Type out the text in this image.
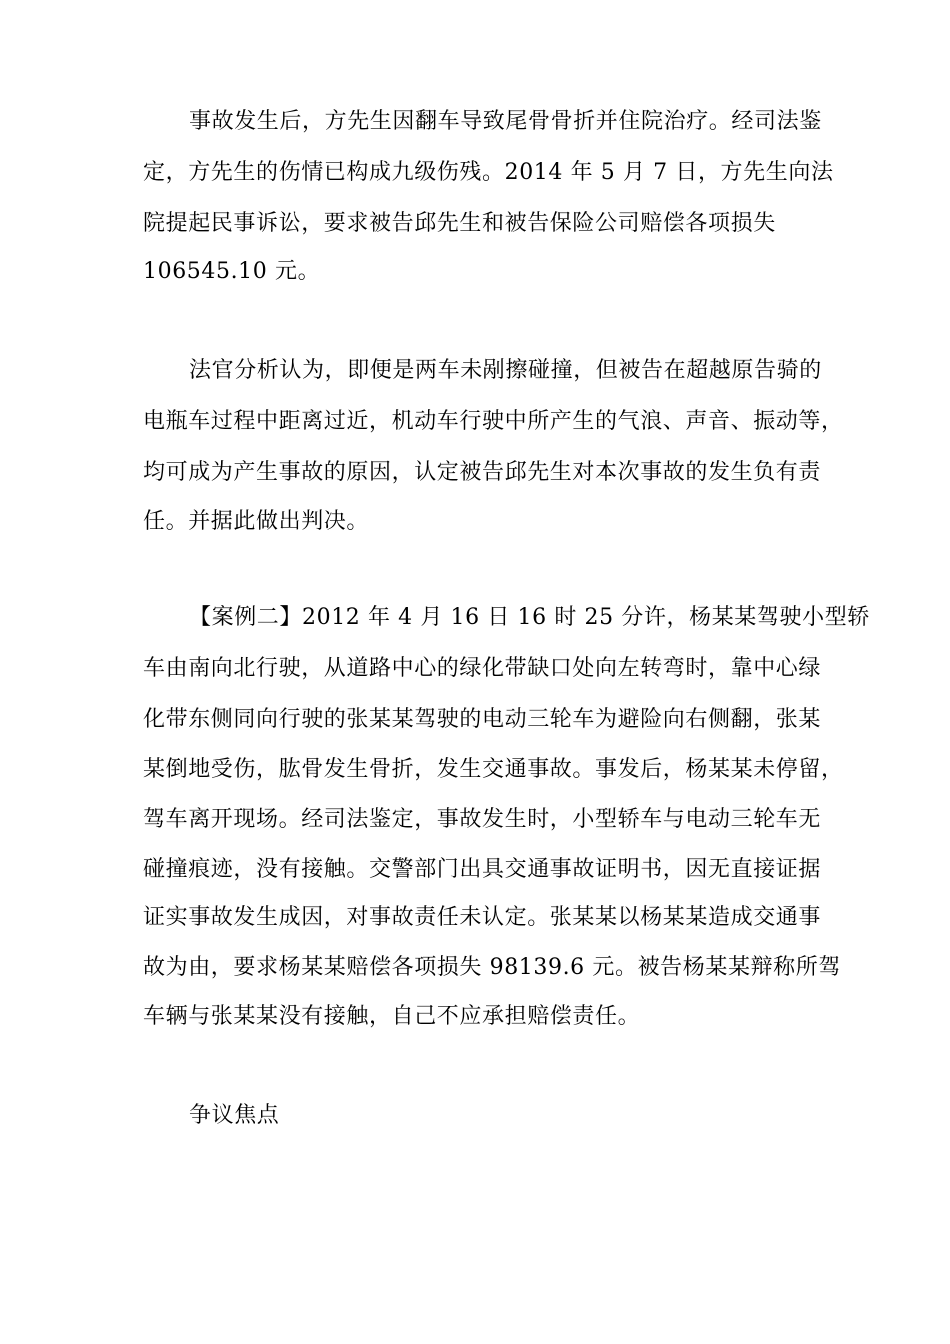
事故发生后，方先生因翻车导致尾骨骨折并住院治疗。经司法鉴
定，方先生的伤情已构成九级伤残。2014 年 5 月 7 日，方先生向法
院提起民事诉讼，要求被告邱先生和被告保险公司赔偿各项损失
106545.10 元。
法官分析认为，即便是两车未剐擦碰撞，但被告在超越原告骑的
电瓶车过程中距离过近，机动车行驶中所产生的气浪、声音、振动等，
均可成为产生事故的原因，认定被告邱先生对本次事故的发生负有责
任。并据此做出判决。
【案例二】2012 年 4 月 16 日 16 时 25 分许，杨某某驾驶小型轿
车由南向北行驶，从道路中心的绿化带缺口处向左转弯时，靠中心绿
化带东侧同向行驶的张某某驾驶的电动三轮车为避险向右侧翻，张某
某倒地受伤，肱骨发生骨折，发生交通事故。事发后，杨某某未停留，
驾车离开现场。经司法鉴定，事故发生时，小型轿车与电动三轮车无
碰撞痕迹，没有接触。交警部门出具交通事故证明书，因无直接证据
证实事故发生成因，对事故责任未认定。张某某以杨某某造成交通事
故为由，要求杨某某赔偿各项损失 98139.6 元。被告杨某某辩称所驾
车辆与张某某没有接触，自己不应承担赔偿责任。
争议焦点
